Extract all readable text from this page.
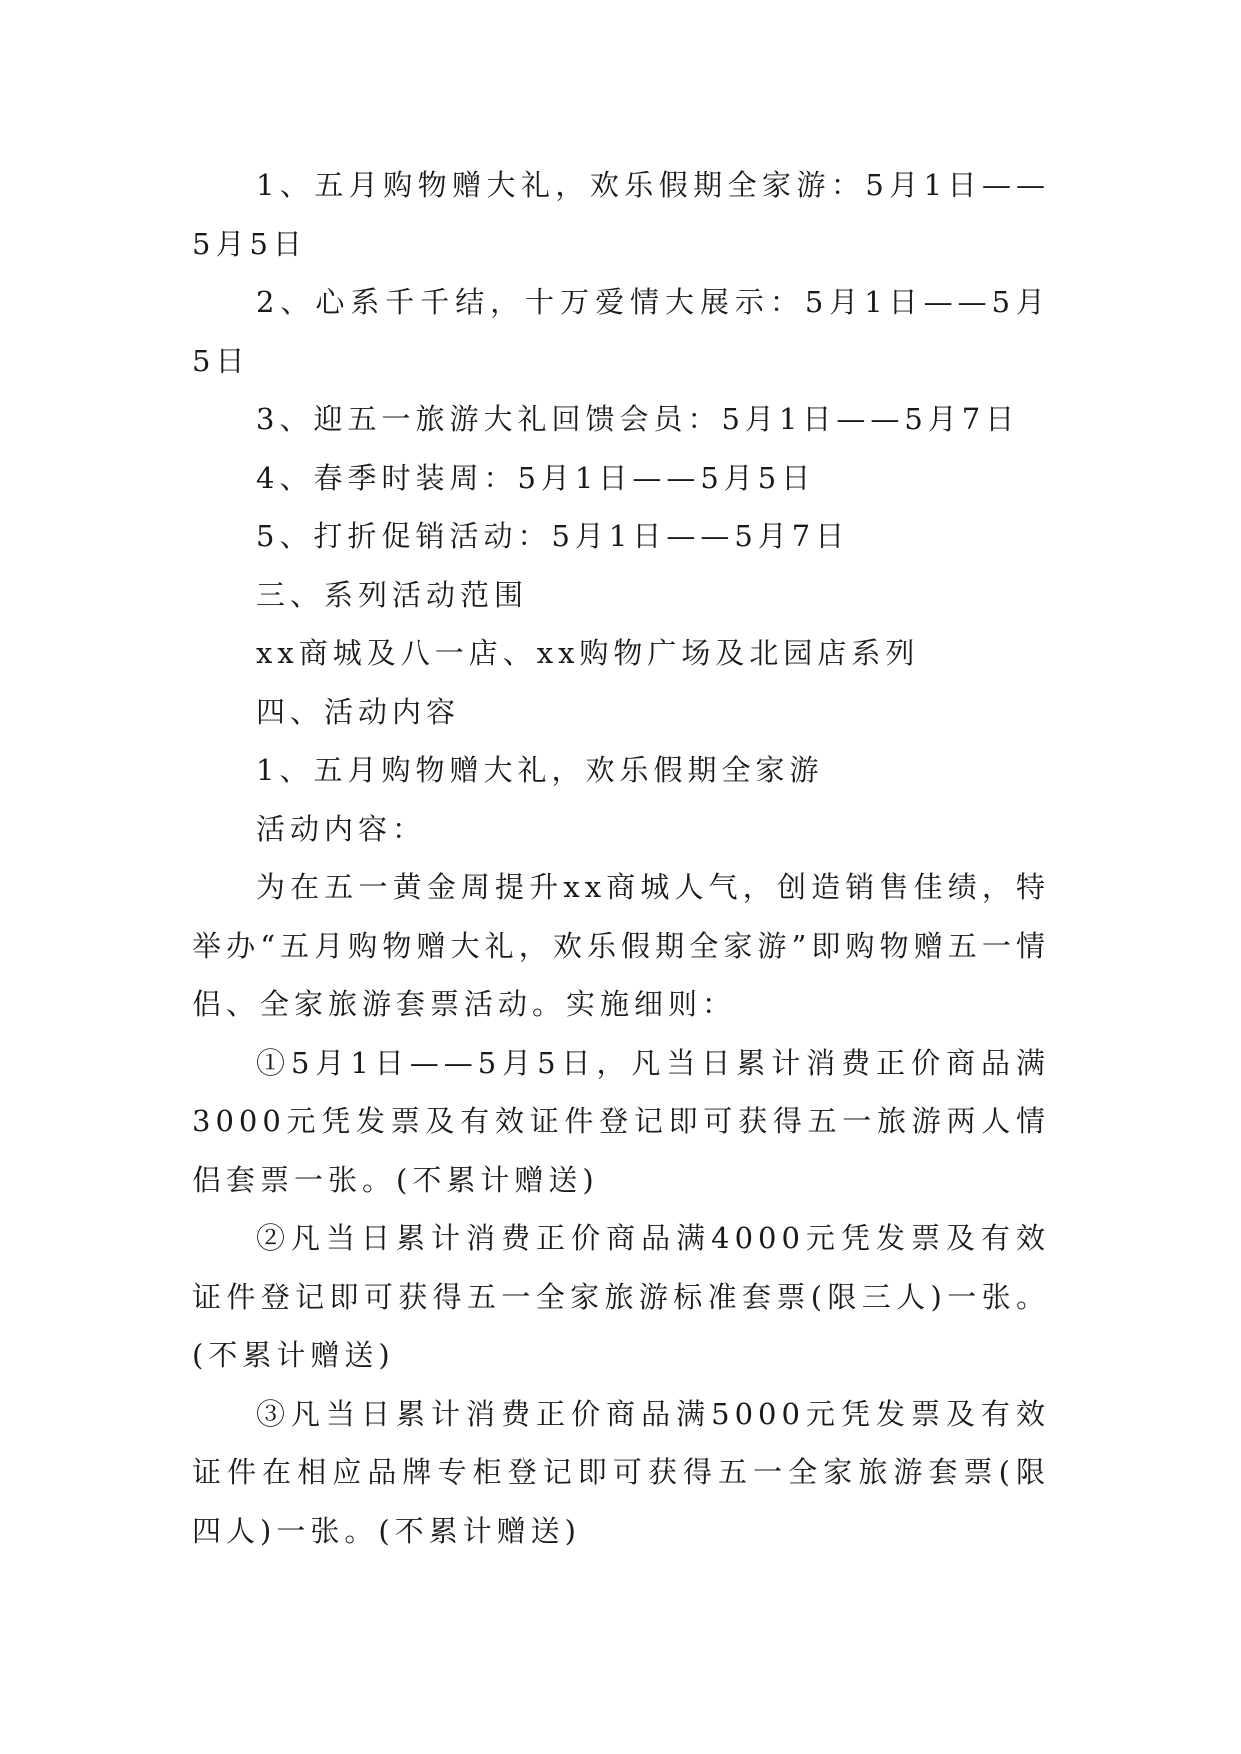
1、五月购物赠大礼，欢乐假期全家游：5月1日——5月5日

2、心系千千结，十万爱情大展示：5月1日——5月5日

3、迎五一旅游大礼回馈会员：5月1日——5月7日

4、春季时装周：5月1日——5月5日

5、打折促销活动：5月1日——5月7日

三、系列活动范围

xx商城及八一店、xx购物广场及北园店系列

四、活动内容

1、五月购物赠大礼，欢乐假期全家游

活动内容：

为在五一黄金周提升xx商城人气，创造销售佳绩，特举办“五月购物赠大礼，欢乐假期全家游”即购物赠五一情侣、全家旅游套票活动。实施细则：

①5月1日——5月5日，凡当日累计消费正价商品满3000元凭发票及有效证件登记即可获得五一旅游两人情侣套票一张。(不累计赠送)

②凡当日累计消费正价商品满4000元凭发票及有效证件登记即可获得五一全家旅游标准套票(限三人)一张。(不累计赠送)

③凡当日累计消费正价商品满5000元凭发票及有效证件在相应品牌专柜登记即可获得五一全家旅游套票(限四人)一张。(不累计赠送)
